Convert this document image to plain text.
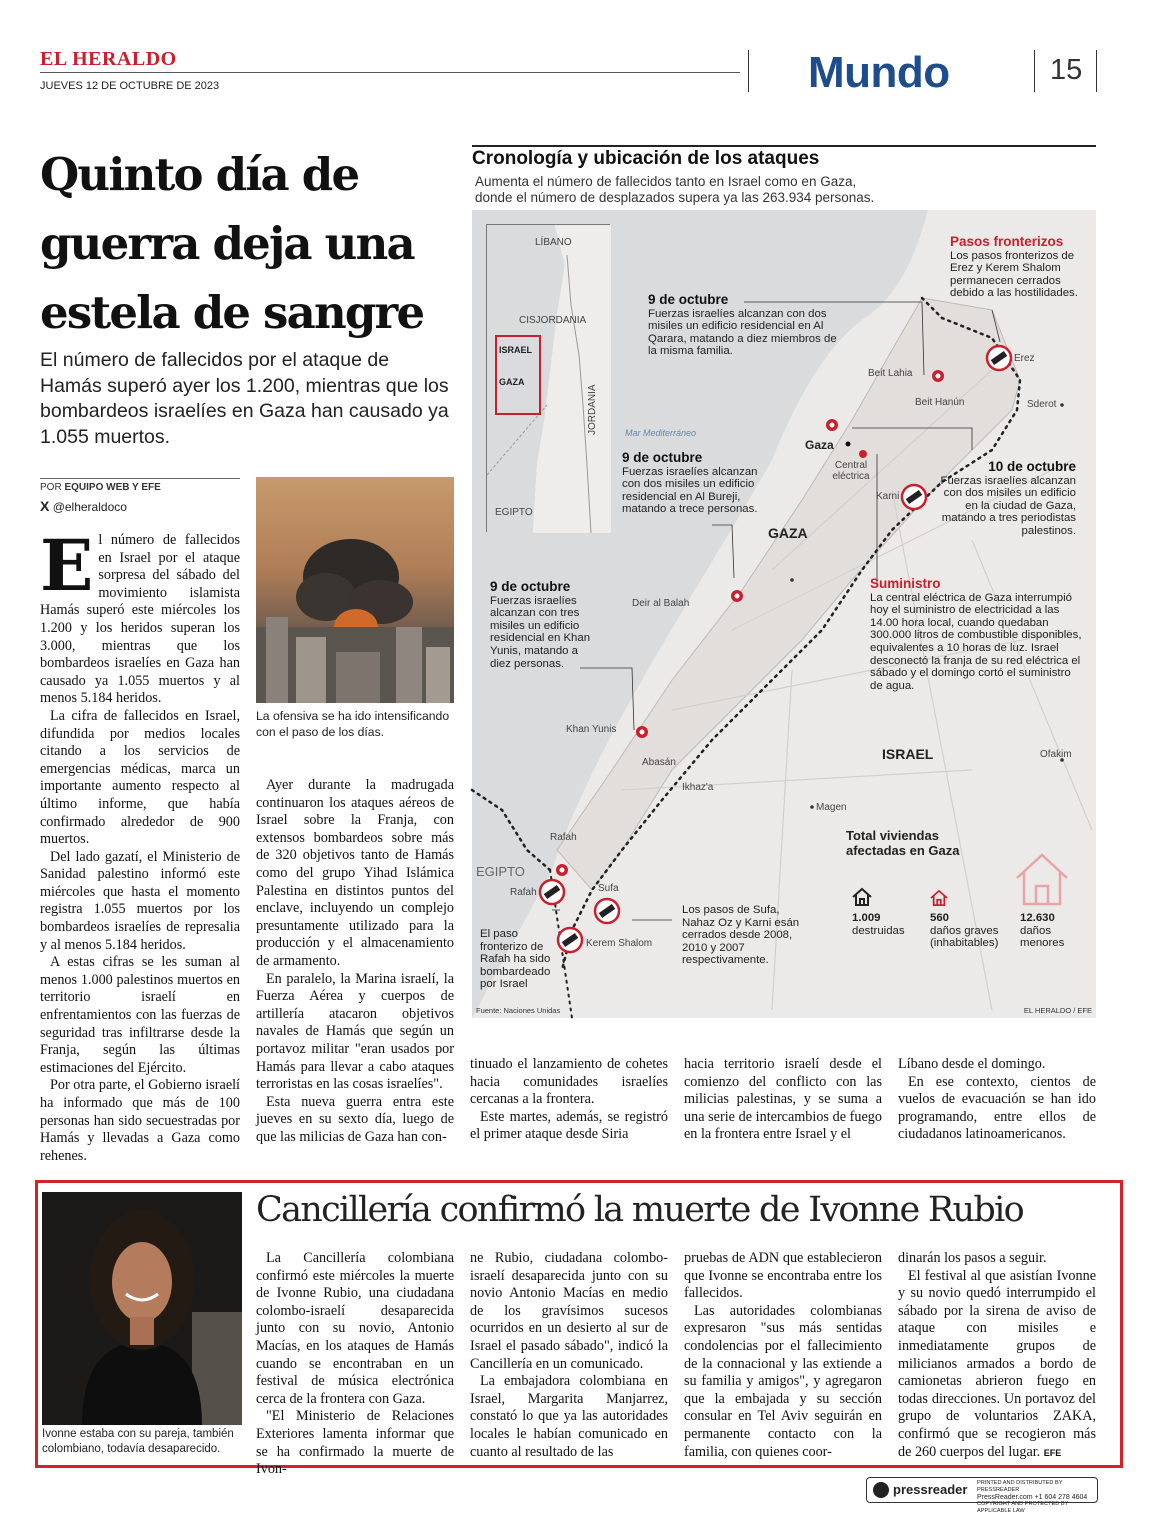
EL HERALDO
JUEVES 12 DE OCTUBRE DE 2023	Mundo	15
Quinto día de
guerra deja una
estela de sangre
El número de fallecidos por el ataque de Hamás superó ayer los 1.200, mientras que los bombardeos israelíes en Gaza han causado ya 1.055 muertos.
POR EQUIPO WEB Y EFE
X @elheraldoco
La ofensiva se ha ido intensificando con el paso de los días.

El número de fallecidos en Israel por el ataque sorpresa del sábado del movimiento islamista Hamás superó este miércoles los 1.200 y los heridos superan los 3.000, mientras que los bombardeos israelíes en Gaza han causado ya 1.055 muertos y al menos 5.184 heridos.

La cifra de fallecidos en Israel, difundida por medios locales citando a los servicios de emergencias médicas, marca un importante aumento respecto al último informe, que había confirmado alrededor de 900 muertos.

Del lado gazatí, el Ministerio de Sanidad palestino informó este miércoles que hasta el momento registra 1.055 muertos por los bombardeos israelíes de represalia y al menos 5.184 heridos.

A estas cifras se les suman al menos 1.000 palestinos muertos en territorio israelí en enfrentamientos con las fuerzas de seguridad tras infiltrarse desde la Franja, según las últimas estimaciones del Ejército.

Por otra parte, el Gobierno israelí ha informado que más de 100 personas han sido secuestradas por Hamás y llevadas a Gaza como rehenes.

Ayer durante la madrugada continuaron los ataques aéreos de Israel sobre la Franja, con extensos bombardeos sobre más de 320 objetivos tanto de Hamás como del grupo Yihad Islámica Palestina en distintos puntos del enclave, incluyendo un complejo presuntamente utilizado para la producción y el almacenamiento de armamento.

En paralelo, la Marina israelí, la Fuerza Aérea y cuerpos de artillería atacaron objetivos navales de Hamás que según un portavoz militar "eran usados por Hamás para llevar a cabo ataques terroristas en las cosas israelíes".

Esta nueva guerra entra este jueves en su sexto día, luego de que las milicias de Gaza han con-

tinuado el lanzamiento de cohetes hacia comunidades israelíes cercanas a la frontera.

Este martes, además, se registró el primer ataque desde Siria

hacia territorio israelí desde el comienzo del conflicto con las milicias palestinas, y se suma a una serie de intercambios de fuego en la frontera entre Israel y el

Líbano desde el domingo.

En ese contexto, cientos de vuelos de evacuación se han ido programando, entre ellos de ciudadanos latinoamericanos.

Cronología y ubicación de los ataques
Aumenta el número de fallecidos tanto en Israel como en Gaza,
donde el número de desplazados supera ya las 263.934 personas.
LÍBANO
CISJORDANIA
ISRAEL
GAZA
JORDANIA
EGIPTO
Mar Mediterráneo
Erez
Sderot
Beit Lahia
Beit Hanún
Gaza
Central eléctrica
Karni
GAZA
Deir al Balah
Khan Yunis
Abasán
Ikhaz'a
ISRAEL	Ofakim
Magen
Rafah
EGIPTO
Rafah	Sufa
Kerem Shalom
Pasos fronterizos
Los pasos fronterizos de Erez y Kerem Shalom permanecen cerrados debido a las hostilidades.
9 de octubre
Fuerzas israelíes alcanzan con dos misiles un edificio residencial en Al Qarara, matando a diez miembros de la misma familia.
9 de octubre
Fuerzas israelíes alcanzan con dos misiles un edificio residencial en Al Bureji, matando a trece personas.
10 de octubre
Fuerzas israelíes alcanzan con dos misiles un edificio en la ciudad de Gaza, matando a tres periodistas palestinos.
9 de octubre
Fuerzas israelíes alcanzan con tres misiles un edificio residencial en Khan Yunis, matando a diez personas.
Suministro
La central eléctrica de Gaza interrumpió hoy el suministro de electricidad a las 14.00 hora local, cuando quedaban 300.000 litros de combustible disponibles, equivalentes a 10 horas de luz. Israel desconectó la franja de su red eléctrica el sábado y el domingo cortó el suministro de agua.
Los pasos de Sufa, Nahaz Oz y Karni esán cerrados desde 2008, 2010 y 2007 respectivamente.
El paso fronterizo de Rafah ha sido bombardeado por Israel
Total viviendas afectadas en Gaza
1.009
destruidas
560
daños graves (inhabitables)
12.630
daños menores
Fuente: Naciones Unidas	EL HERALDO / EFE
Ivonne estaba con su pareja, también colombiano, todavía desaparecido.
Cancillería confirmó la muerte de Ivonne Rubio

La Cancillería colombiana confirmó este miércoles la muerte de Ivonne Rubio, una ciudadana colombo-israelí desaparecida junto con su novio, Antonio Macías, en los ataques de Hamás cuando se encontraban en un festival de música electrónica cerca de la frontera con Gaza.

"El Ministerio de Relaciones Exteriores lamenta informar que se ha confirmado la muerte de Ivon-

ne Rubio, ciudadana colombo-israelí desaparecida junto con su novio Antonio Macías en medio de los gravísimos sucesos ocurridos en un desierto al sur de Israel el pasado sábado", indicó la Cancillería en un comunicado.

La embajadora colombiana en Israel, Margarita Manjarrez, constató lo que ya las autoridades locales le habían comunicado en cuanto al resultado de las

pruebas de ADN que establecieron que Ivonne se encontraba entre los fallecidos.

Las autoridades colombianas expresaron "sus más sentidas condolencias por el fallecimiento de la connacional y las extiende a su familia y amigos", y agregaron que la embajada y su sección consular en Tel Aviv seguirán en permanente contacto con la familia, con quienes coor-

dinarán los pasos a seguir.

El festival al que asistían Ivonne y su novio quedó interrumpido el sábado por la sirena de aviso de ataque con misiles e inmediatamente grupos de milicianos armados a bordo de camionetas abrieron fuego en todas direcciones. Un portavoz del grupo de voluntarios ZAKA, confirmó que se recogieron más de 260 cuerpos del lugar. EFE

pressreader PRINTED AND DISTRIBUTED BY PRESSREADER
PressReader.com +1 604 278 4604
COPYRIGHT AND PROTECTED BY APPLICABLE LAW
